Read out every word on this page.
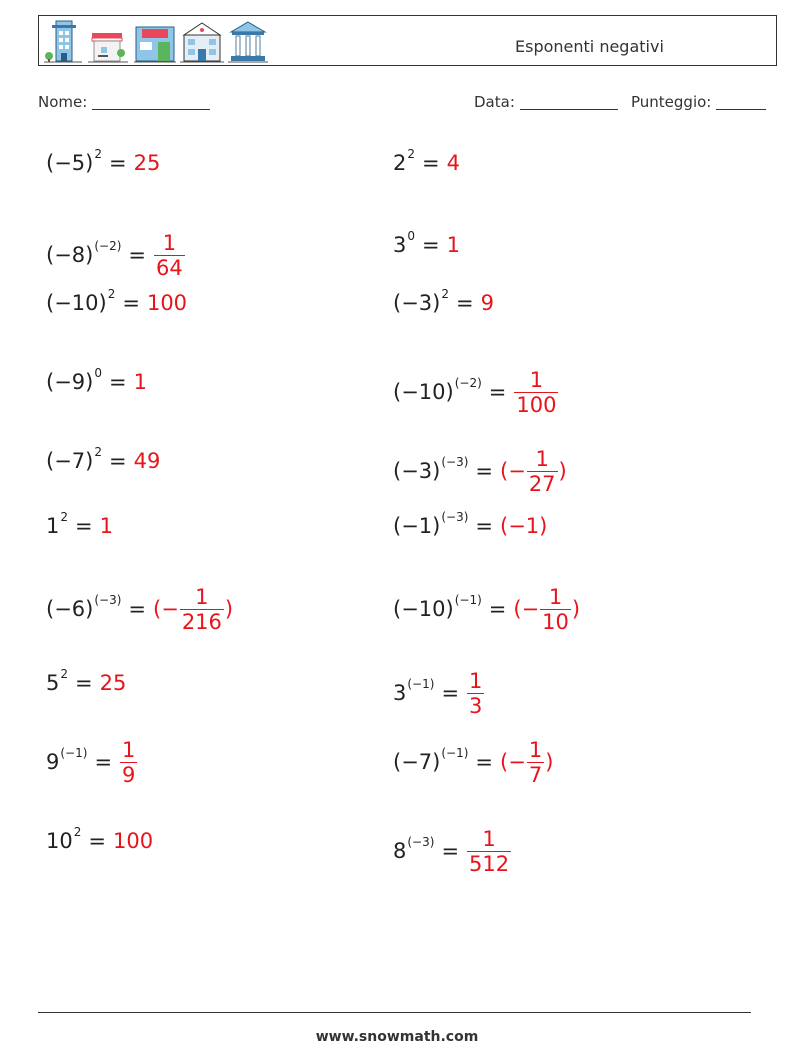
Esponenti negativi
Nome:	Data:	Punteggio:
$(-5)^2 = 25$
$(-8)^{(-2)} = \frac{1}{64}$
$(-10)^2 = 100$
$(-9)^0 = 1$
$(-7)^2 = 49$
$1^2 = 1$
$(-6)^{(-3)}$ = (− $\frac{1}{216}$ )
$5^2 = 25$
$9^{(-1)} = \frac{1}{9}$
$10^2 = 100$
$2^2 = 4$
$3^0 = 1$
$(-3)^2 = 9$
$(-10)^{(-2)} = \frac{1}{100}$
$(-3)^{(-3)}$ = (− $\frac{1}{27}$ )
$(-1)^{(-3)} = (-1)$
$(-10)^{(-1)}$ = (− $\frac{1}{10}$ )
$3^{(-1)} = \frac{1}{3}$
$(-7)^{(-1)}$ = (− $\frac{1}{7}$ )
$8^{(-3)} = \frac{1}{512}$
www.snowmath.com
